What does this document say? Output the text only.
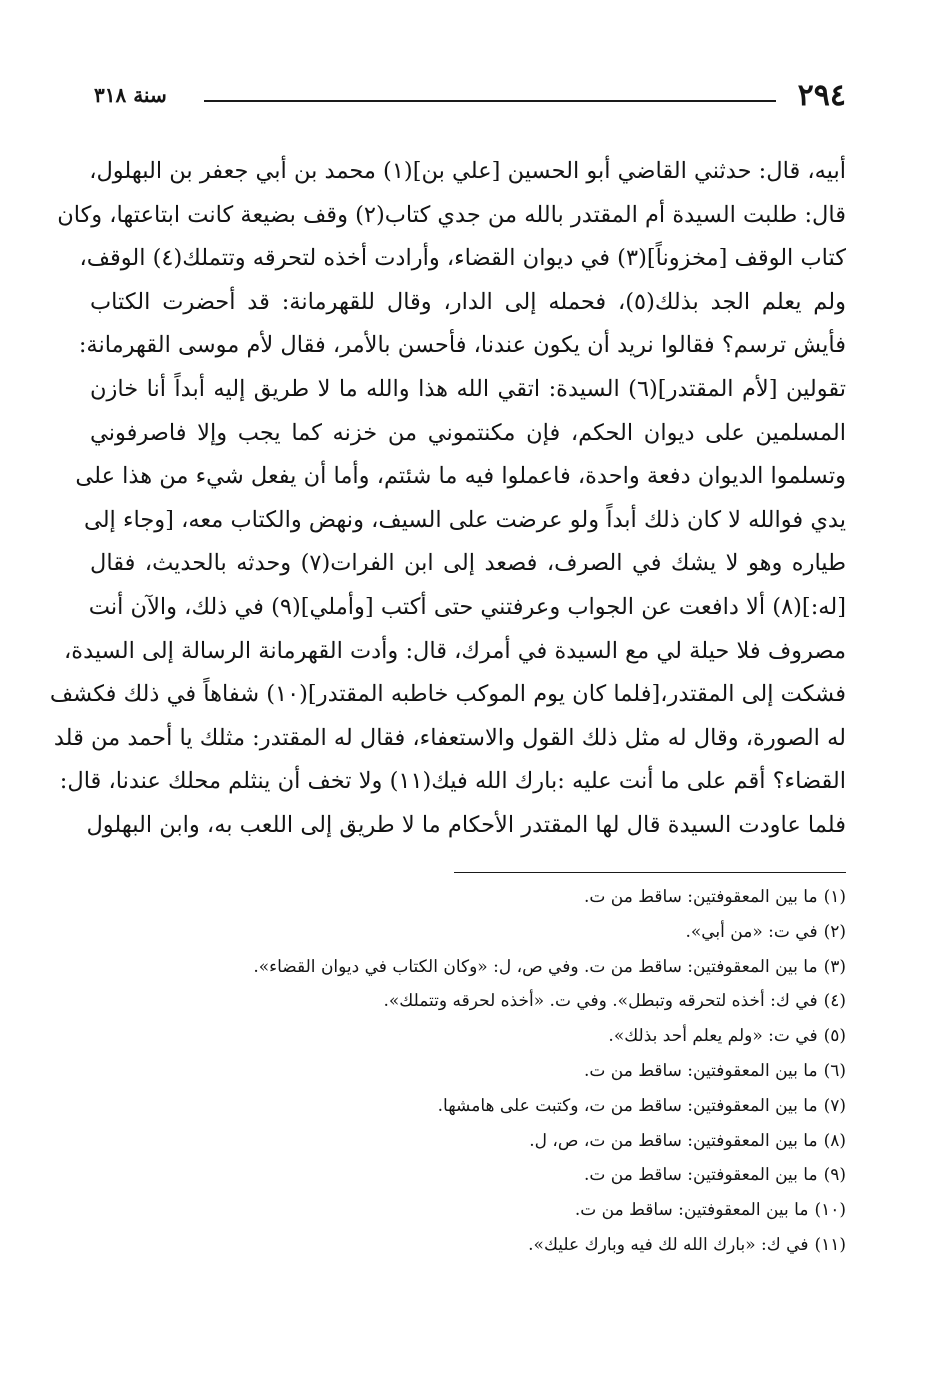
٢٩٤
سنة ٣١٨
أبيه، قال: حدثني القاضي أبو الحسين [علي بن](١) محمد بن أبي جعفر بن البهلول،
قال: طلبت السيدة أم المقتدر بالله من جدي كتاب(٢) وقف بضيعة كانت ابتاعتها، وكان
كتاب الوقف [مخزوناً](٣) في ديوان القضاء، وأرادت أخذه لتحرقه وتتملك(٤) الوقف،
ولم يعلم الجد بذلك(٥)، فحمله إلى الدار، وقال للقهرمانة: قد أحضرت الكتاب
فأيش ترسم؟ فقالوا نريد أن يكون عندنا، فأحسن بالأمر، فقال لأم موسى القهرمانة:
تقولين [لأم المقتدر](٦) السيدة: اتقي الله هذا والله ما لا طريق إليه أبداً أنا خازن
المسلمين على ديوان الحكم، فإن مكنتموني من خزنه كما يجب وإلا فاصرفوني
وتسلموا الديوان دفعة واحدة، فاعملوا فيه ما شئتم، وأما أن يفعل شيء من هذا على
يدي فوالله لا كان ذلك أبداً ولو عرضت على السيف، ونهض والكتاب معه، [وجاء إلى
طياره وهو لا يشك في الصرف، فصعد إلى ابن الفرات(٧) وحدثه بالحديث، فقال
[له:](٨) ألا دافعت عن الجواب وعرفتني حتى أكتب [وأملي](٩) في ذلك، والآن أنت
مصروف فلا حيلة لي مع السيدة في أمرك، قال: وأدت القهرمانة الرسالة إلى السيدة،
فشكت إلى المقتدر،[فلما كان يوم الموكب خاطبه المقتدر](١٠) شفاهاً في ذلك فكشف
له الصورة، وقال له مثل ذلك القول والاستعفاء، فقال له المقتدر: مثلك يا أحمد من قلد
القضاء؟ أقم على ما أنت عليه :بارك الله فيك(١١) ولا تخف أن ينثلم محلك عندنا، قال:
فلما عاودت السيدة قال لها المقتدر الأحكام ما لا طريق إلى اللعب به، وابن البهلول
(١)ما بين المعقوفتين: ساقط من ت.
(٢)في ت: «من أبي».
(٣)ما بين المعقوفتين: ساقط من ت. وفي ص، ل: «وكان الكتاب في ديوان القضاء».
(٤)في ك: أخذه لتحرقه وتبطل». وفي ت. «أخذه لحرقه وتتملك».
(٥)في ت: «ولم يعلم أحد بذلك».
(٦)ما بين المعقوفتين: ساقط من ت.
(٧)ما بين المعقوفتين: ساقط من ت، وكتبت على هامشها.
(٨)ما بين المعقوفتين: ساقط من ت، ص، ل.
(٩)ما بين المعقوفتين: ساقط من ت.
(١٠)ما بين المعقوفتين: ساقط من ت.
(١١)في ك: «بارك الله لك فيه وبارك عليك».
